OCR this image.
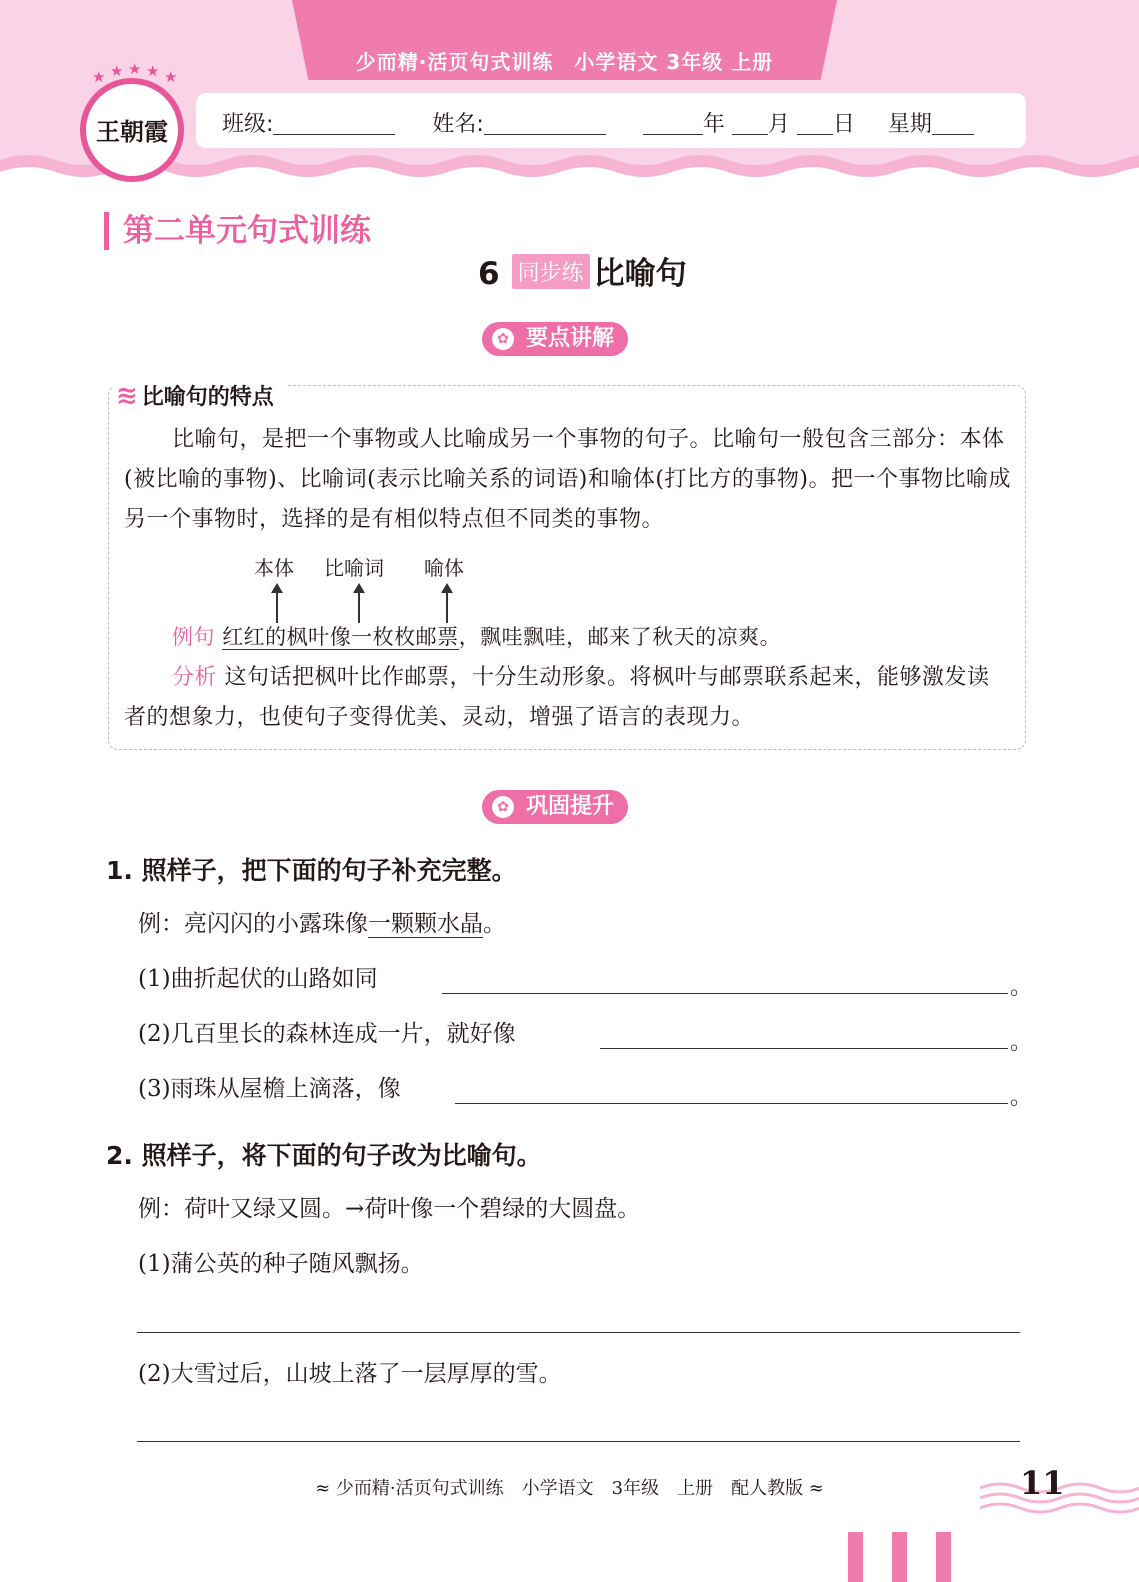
少而精·活页句式训练　小学语文 3年级 上册
班级:	姓名:	年 月 日 星期
★ ★ ★ ★ ★
王朝霞
第二单元句式训练
6 同步练 比喻句
✿ 要点讲解
≋ 比喻句的特点
比喻句，是把一个事物或人比喻成另一个事物的句子。比喻句一般包含三部分：本体(被比喻的事物)、比喻词(表示比喻关系的词语)和喻体(打比方的事物)。把一个事物比喻成另一个事物时，选择的是有相似特点但不同类的事物。
本体 比喻词 喻体
例句 红红的枫叶像一枚枚邮票，飘哇飘哇，邮来了秋天的凉爽。
分析 这句话把枫叶比作邮票，十分生动形象。将枫叶与邮票联系起来，能够激发读者的想象力，也使句子变得优美、灵动，增强了语言的表现力。
✿ 巩固提升
1. 照样子，把下面的句子补充完整。
例：亮闪闪的小露珠像一颗颗水晶。
(1)曲折起伏的山路如同	。
(2)几百里长的森林连成一片，就好像	。
(3)雨珠从屋檐上滴落，像	。
2. 照样子，将下面的句子改为比喻句。
例：荷叶又绿又圆。→荷叶像一个碧绿的大圆盘。
(1)蒲公英的种子随风飘扬。
(2)大雪过后，山坡上落了一层厚厚的雪。
≈ 少而精·活页句式训练　小学语文　3年级　上册　配人教版 ≈	11
